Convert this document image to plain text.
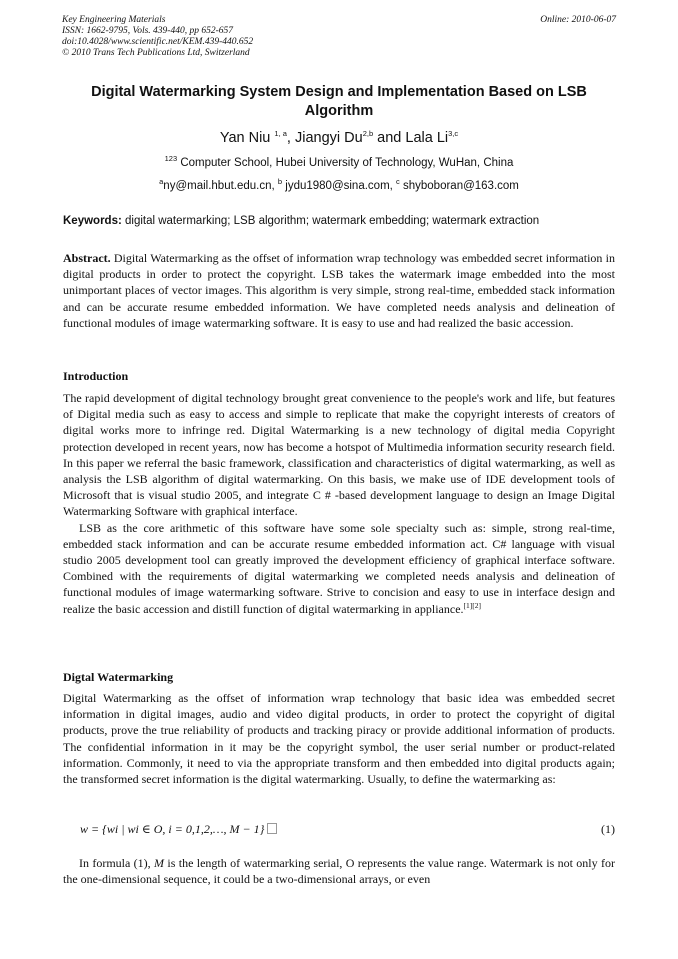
Key Engineering Materials
ISSN: 1662-9795, Vols. 439-440, pp 652-657
doi:10.4028/www.scientific.net/KEM.439-440.652
© 2010 Trans Tech Publications Ltd, Switzerland
Online: 2010-06-07
Digital Watermarking System Design and Implementation Based on LSB Algorithm
Yan Niu $^{1, a}$, Jiangyi Du$^{2,b}$ and Lala Li$^{3,c}$
$^{123}$ Computer School, Hubei University of Technology, WuHan, China
$^a$ny@mail.hbut.edu.cn, $^b$ jydu1980@sina.com, $^c$ shyboboran@163.com
Keywords: digital watermarking; LSB algorithm; watermark embedding; watermark extraction

Abstract. Digital Watermarking as the offset of information wrap technology was embedded secret information in digital products in order to protect the copyright. LSB takes the watermark image embedded into the most unimportant places of vector images. This algorithm is very simple, strong real-time, embedded stack information and can be accurate resume embedded information. We have completed needs analysis and delineation of functional modules of image watermarking software. It is easy to use and had realized the basic accession.

Introduction

The rapid development of digital technology brought great convenience to the people's work and life, but features of Digital media such as easy to access and simple to replicate that make the copyright interests of creators of digital works more to infringe red. Digital Watermarking is a new technology of digital media Copyright protection developed in recent years, now has become a hotspot of Multimedia information security research field. In this paper we referral the basic framework, classification and characteristics of digital watermarking, as well as analysis the LSB algorithm of digital watermarking. On this basis, we make use of IDE development tools of Microsoft that is visual studio 2005, and integrate C # -based development language to design an Image Digital Watermarking Software with graphical interface.

LSB as the core arithmetic of this software have some sole specialty such as: simple, strong real-time, embedded stack information and can be accurate resume embedded information act. C# language with visual studio 2005 development tool can greatly improved the development efficiency of graphical interface software. Combined with the requirements of digital watermarking we completed needs analysis and delineation of functional modules of image watermarking software. Strive to concision and easy to use in interface design and realize the basic accession and distill function of digital watermarking in appliance.[1][2]

Digtal Watermarking

Digital Watermarking as the offset of information wrap technology that basic idea was embedded secret information in digital images, audio and video digital products, in order to protect the copyright of digital products, prove the true reliability of products and tracking piracy or provide additional information of products. The confidential information in it may be the copyright symbol, the user serial number or product-related information. Commonly, it need to via the appropriate transform and then embedded into digital products again; the transformed secret information is the digital watermarking. Usually, to define the watermarking as:

w = {wi | wi ∈ O, i = 0,1,2,…, M − 1}	(1)

In formula (1), M is the length of watermarking serial, O represents the value range. Watermark is not only for the one-dimensional sequence, it could be a two-dimensional arrays, or even
